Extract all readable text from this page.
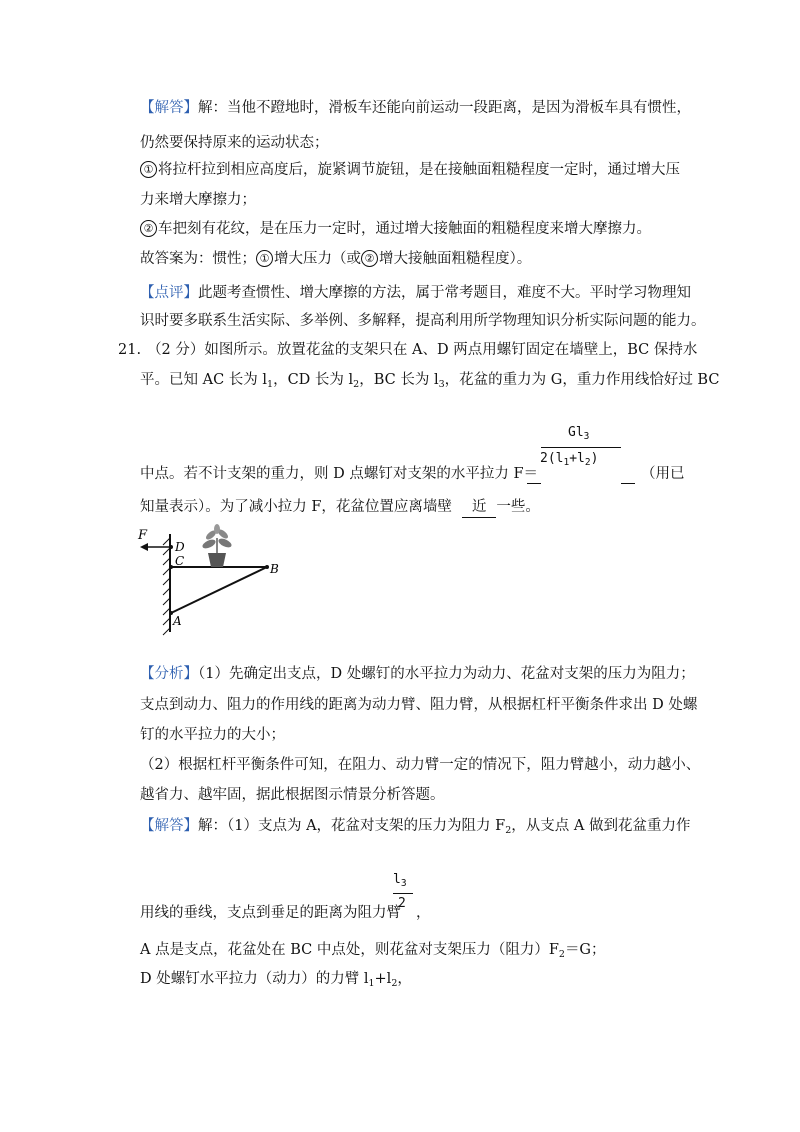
【解答】解：当他不蹬地时，滑板车还能向前运动一段距离，是因为滑板车具有惯性，
仍然要保持原来的运动状态；
① 将拉杆拉到相应高度后，旋紧调节旋钮，是在接触面粗糙程度一定时，通过增大压
力来增大摩擦力；
② 车把刻有花纹，是在压力一定时，通过增大接触面的粗糙程度来增大摩擦力。
故答案为：惯性； ① 增大压力（或 ② 增大接触面粗糙程度）。
【点评】此题考查惯性、增大摩擦的方法，属于常考题目，难度不大。平时学习物理知
识时要多联系生活实际、多举例、多解释，提高利用所学物理知识分析实际问题的能力。
21. （2 分）如图所示。放置花盆的支架只在 A、D 两点用螺钉固定在墙壁上，BC 保持水
平。已知 AC 长为 $l_1$，CD 长为 $l_2$，BC 长为 $l_3$，花盆的重力为 G，重力作用线恰好过 BC
$Gl_3$
$2(l_1+l_2)$
中点。若不计支架的重力，则 D 点螺钉对支架的水平拉力 F＝	（用已
知量表示）。为了减小拉力 F，花盆位置应离墙壁 近 一些。
F
D
C
B
A
【分析】（1）先确定出支点，D 处螺钉的水平拉力为动力、花盆对支架的压力为阻力；
支点到动力、阻力的作用线的距离为动力臂、阻力臂，从根据杠杆平衡条件求出 D 处螺
钉的水平拉力的大小；
（2）根据杠杆平衡条件可知，在阻力、动力臂一定的情况下，阻力臂越小，动力越小、
越省力、越牢固，据此根据图示情景分析答题。
【解答】解：（1）支点为 A，花盆对支架的压力为阻力 $F_2$，从支点 A 做到花盆重力作
$l_3$
2
用线的垂线，支点到垂足的距离为阻力臂 ，
A 点是支点，花盆处在 BC 中点处，则花盆对支架压力（阻力）$F_2=G$；
D 处螺钉水平拉力（动力）的力臂 $l_1+l_2$，
